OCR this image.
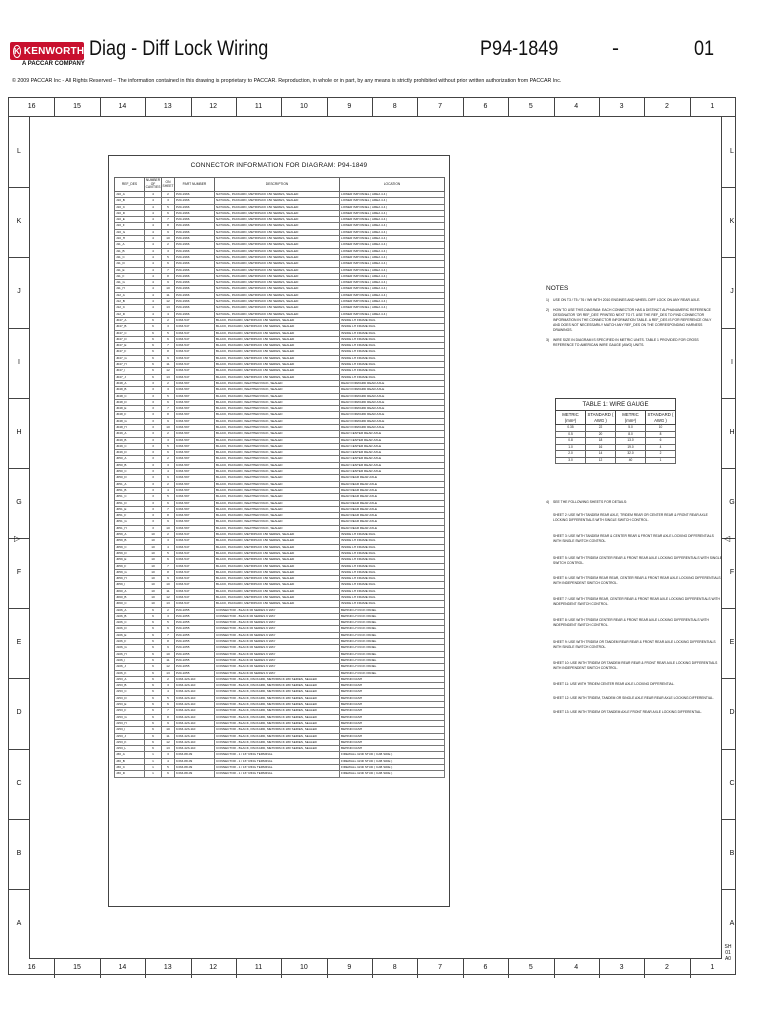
K KENWORTH
A PACCAR COMPANY
Diag - Diff Lock Wiring	P94-1849	-	01
© 2009 PACCAR Inc - All Rights Reserved – The information contained in this drawing is proprietary to PACCAR. Reproduction, in whole or in part, by any means is strictly prohibited without prior written authorization from PACCAR Inc.
16	15	14	13	12	11	10	9	8	7	6	5	4	3	2	1
16	15	14	13	12	11	10	9	8	7	6	5	4	3	2	1
L	L
K	K
J	J
I	I
H	H
G	G
F	F
E	E
D	D
C	C
B	B
A	A
▷	◁
SH 01 A0
CONNECTOR INFORMATION FOR DIAGRAM: P94-1849
REF_DES	NUMBER OF CAVITIES	ON SHEET	PART NUMBER	DESCRIPTION	LOCATION
J10_A	4	2	P20-1966	NATURAL, PACKARD, METRIPACK 150 SERIES, SEALED	LOWER IMP PANEL ( AREA 4.4 )
J10_B	4	3	P20-1966	NATURAL, PACKARD, METRIPACK 150 SERIES, SEALED	LOWER IMP PANEL ( AREA 4.4 )
J10_C	4	5	P20-1966	NATURAL, PACKARD, METRIPACK 150 SERIES, SEALED	LOWER IMP PANEL ( AREA 4.4 )
J10_D	4	6	P20-1966	NATURAL, PACKARD, METRIPACK 150 SERIES, SEALED	LOWER IMP PANEL ( AREA 4.4 )
J10_E	4	7	P20-1966	NATURAL, PACKARD, METRIPACK 150 SERIES, SEALED	LOWER IMP PANEL ( AREA 4.4 )
J10_F	4	8	P20-1966	NATURAL, PACKARD, METRIPACK 150 SERIES, SEALED	LOWER IMP PANEL ( AREA 4.4 )
J10_G	4	9	P20-1966	NATURAL, PACKARD, METRIPACK 150 SERIES, SEALED	LOWER IMP PANEL ( AREA 4.4 )
J10_H	4	10	P20-1966	NATURAL, PACKARD, METRIPACK 150 SERIES, SEALED	LOWER IMP PANEL ( AREA 4.4 )
J11_A	4	2	P20-1966	NATURAL, PACKARD, METRIPACK 150 SERIES, SEALED	LOWER IMP PANEL ( AREA 4.4 )
J11_B	4	3	P20-1966	NATURAL, PACKARD, METRIPACK 150 SERIES, SEALED	LOWER IMP PANEL ( AREA 4.4 )
J11_C	4	5	P20-1966	NATURAL, PACKARD, METRIPACK 150 SERIES, SEALED	LOWER IMP PANEL ( AREA 4.4 )
J11_D	4	6	P20-1966	NATURAL, PACKARD, METRIPACK 150 SERIES, SEALED	LOWER IMP PANEL ( AREA 4.4 )
J11_E	4	7	P20-1966	NATURAL, PACKARD, METRIPACK 150 SERIES, SEALED	LOWER IMP PANEL ( AREA 4.4 )
J11_F	4	8	P20-1966	NATURAL, PACKARD, METRIPACK 150 SERIES, SEALED	LOWER IMP PANEL ( AREA 4.4 )
J11_G	4	9	P20-1966	NATURAL, PACKARD, METRIPACK 150 SERIES, SEALED	LOWER IMP PANEL ( AREA 4.4 )
J11_H	4	10	P20-1966	NATURAL, PACKARD, METRIPACK 150 SERIES, SEALED	LOWER IMP PANEL ( AREA 4.4 )
J12_A	4	11	P20-1966	NATURAL, PACKARD, METRIPACK 150 SERIES, SEALED	LOWER IMP PANEL ( AREA 4.4 )
J12_B	4	12	P20-1966	NATURAL, PACKARD, METRIPACK 150 SERIES, SEALED	LOWER IMP PANEL ( AREA 4.4 )
J12_C	4	13	P20-1966	NATURAL, PACKARD, METRIPACK 150 SERIES, SEALED	LOWER IMP PANEL ( AREA 4.4 )
J12_D	4	4	P20-1966	NATURAL, PACKARD, METRIPACK 150 SERIES, SEALED	LOWER IMP PANEL ( AREA 4.4 )
J047_A	6	2	K333-547	BLACK, PACKARD, METRIPACK 150 SERIES, SEALED	INSIDE LH FRAME RAIL
J047_B	6	3	K333-547	BLACK, PACKARD, METRIPACK 150 SERIES, SEALED	INSIDE LH FRAME RAIL
J047_C	6	5	K333-547	BLACK, PACKARD, METRIPACK 150 SERIES, SEALED	INSIDE LH FRAME RAIL
J047_D	6	6	K333-547	BLACK, PACKARD, METRIPACK 150 SERIES, SEALED	INSIDE LH FRAME RAIL
J047_E	6	7	K333-547	BLACK, PACKARD, METRIPACK 150 SERIES, SEALED	INSIDE LH FRAME RAIL
J047_F	6	8	K333-547	BLACK, PACKARD, METRIPACK 150 SERIES, SEALED	INSIDE LH FRAME RAIL
J047_G	6	9	K333-547	BLACK, PACKARD, METRIPACK 150 SERIES, SEALED	INSIDE LH FRAME RAIL
J047_H	6	11	K333-547	BLACK, PACKARD, METRIPACK 150 SERIES, SEALED	INSIDE LH FRAME RAIL
J047_I	6	12	K333-547	BLACK, PACKARD, METRIPACK 150 SERIES, SEALED	INSIDE LH FRAME RAIL
J047_J	6	13	K333-547	BLACK, PACKARD, METRIPACK 150 SERIES, SEALED	INSIDE LH FRAME RAIL
J048_A	3	2	K333-597	BLACK, PACKARD, WEATHER PACK, SEALED	REAR FORWARD REAR AXLE
J048_B	3	3	K333-597	BLACK, PACKARD, WEATHER PACK, SEALED	REAR FORWARD REAR AXLE
J048_C	3	5	K333-597	BLACK, PACKARD, WEATHER PACK, SEALED	REAR FORWARD REAR AXLE
J048_D	3	6	K333-597	BLACK, PACKARD, WEATHER PACK, SEALED	REAR FORWARD REAR AXLE
J048_E	3	7	K333-597	BLACK, PACKARD, WEATHER PACK, SEALED	REAR FORWARD REAR AXLE
J048_F	3	8	K333-597	BLACK, PACKARD, WEATHER PACK, SEALED	REAR FORWARD REAR AXLE
J048_G	3	9	K333-597	BLACK, PACKARD, WEATHER PACK, SEALED	REAR FORWARD REAR AXLE
J048_H	3	10	K333-597	BLACK, PACKARD, WEATHER PACK, SEALED	REAR FORWARD REAR AXLE
J049_A	3	2	K333-597	BLACK, PACKARD, WEATHER PACK, SEALED	REAR CENTER REAR AXLE
J049_B	3	3	K333-597	BLACK, PACKARD, WEATHER PACK, SEALED	REAR CENTER REAR AXLE
J049_C	3	5	K333-597	BLACK, PACKARD, WEATHER PACK, SEALED	REAR CENTER REAR AXLE
J049_D	3	6	K333-597	BLACK, PACKARD, WEATHER PACK, SEALED	REAR CENTER REAR AXLE
J050_A	3	2	K333-597	BLACK, PACKARD, WEATHER PACK, SEALED	REAR CENTER REAR AXLE
J050_B	3	3	K333-597	BLACK, PACKARD, WEATHER PACK, SEALED	REAR CENTER REAR AXLE
J050_C	3	4	K333-597	BLACK, PACKARD, WEATHER PACK, SEALED	REAR CENTER REAR AXLE
J050_D	3	9	K333-597	BLACK, PACKARD, WEATHER PACK, SEALED	REAR REAR REAR AXLE
J051_A	3	2	K333-597	BLACK, PACKARD, WEATHER PACK, SEALED	REAR REAR REAR AXLE
J051_B	3	4	K333-597	BLACK, PACKARD, WEATHER PACK, SEALED	REAR REAR REAR AXLE
J051_C	3	5	K333-597	BLACK, PACKARD, WEATHER PACK, SEALED	REAR REAR REAR AXLE
J051_D	3	6	K333-597	BLACK, PACKARD, WEATHER PACK, SEALED	REAR REAR REAR AXLE
J051_E	3	7	K333-597	BLACK, PACKARD, WEATHER PACK, SEALED	REAR REAR REAR AXLE
J051_F	3	8	K333-597	BLACK, PACKARD, WEATHER PACK, SEALED	REAR REAR REAR AXLE
J051_G	3	9	K333-597	BLACK, PACKARD, WEATHER PACK, SEALED	REAR REAR REAR AXLE
J051_H	3	10	K333-597	BLACK, PACKARD, WEATHER PACK, SEALED	REAR REAR REAR AXLE
J059_A	10	2	K333-547	BLACK, PACKARD, METRIPACK 150 SERIES, SEALED	INSIDE LH FRAME RAIL
J059_B	10	3	K333-547	BLACK, PACKARD, METRIPACK 150 SERIES, SEALED	INSIDE LH FRAME RAIL
J059_C	10	4	K333-547	BLACK, PACKARD, METRIPACK 150 SERIES, SEALED	INSIDE LH FRAME RAIL
J059_D	10	5	K333-547	BLACK, PACKARD, METRIPACK 150 SERIES, SEALED	INSIDE LH FRAME RAIL
J059_E	10	6	K333-547	BLACK, PACKARD, METRIPACK 150 SERIES, SEALED	INSIDE LH FRAME RAIL
J059_F	10	7	K333-547	BLACK, PACKARD, METRIPACK 150 SERIES, SEALED	INSIDE LH FRAME RAIL
J059_G	10	8	K333-547	BLACK, PACKARD, METRIPACK 150 SERIES, SEALED	INSIDE LH FRAME RAIL
J059_H	10	9	K333-547	BLACK, PACKARD, METRIPACK 150 SERIES, SEALED	INSIDE LH FRAME RAIL
J059_I	10	10	K333-547	BLACK, PACKARD, METRIPACK 150 SERIES, SEALED	INSIDE LH FRAME RAIL
J060_A	10	11	K333-547	BLACK, PACKARD, METRIPACK 150 SERIES, SEALED	INSIDE LH FRAME RAIL
J060_B	10	12	K333-547	BLACK, PACKARD, METRIPACK 150 SERIES, SEALED	INSIDE LH FRAME RAIL
J060_C	10	13	K333-547	BLACK, PACKARD, METRIPACK 150 SERIES, SEALED	INSIDE LH FRAME RAIL
J106_A	6	2	P20-1055	CONNECTOR - BLACK 06 SERIES 6 WAY	BEHIND LH KICK PANEL
J106_B	6	3	P20-1055	CONNECTOR - BLACK 06 SERIES 6 WAY	BEHIND LH KICK PANEL
J106_C	6	5	P20-1055	CONNECTOR - BLACK 06 SERIES 6 WAY	BEHIND LH KICK PANEL
J106_D	6	6	P20-1055	CONNECTOR - BLACK 06 SERIES 6 WAY	BEHIND LH KICK PANEL
J106_E	6	7	P20-1055	CONNECTOR - BLACK 06 SERIES 6 WAY	BEHIND LH KICK PANEL
J106_F	6	8	P20-1055	CONNECTOR - BLACK 06 SERIES 6 WAY	BEHIND LH KICK PANEL
J106_G	6	9	P20-1055	CONNECTOR - BLACK 06 SERIES 6 WAY	BEHIND LH KICK PANEL
J106_H	6	10	P20-1055	CONNECTOR - BLACK 06 SERIES 6 WAY	BEHIND LH KICK PANEL
J106_I	6	11	P20-1055	CONNECTOR - BLACK 06 SERIES 6 WAY	BEHIND LH KICK PANEL
J106_J	6	12	P20-1055	CONNECTOR - BLACK 06 SERIES 6 WAY	BEHIND LH KICK PANEL
J106_K	6	13	P20-1055	CONNECTOR - BLACK 06 SERIES 6 WAY	BEHIND LH KICK PANEL
J153_A	6	2	K333-423-110	CONNECTOR - BLACK, PACKARD, METRIPACK 280 SERIES, SEALED	BEHIND DASH
J153_B	6	3	K333-423-110	CONNECTOR - BLACK, PACKARD, METRIPACK 280 SERIES, SEALED	BEHIND DASH
J153_C	6	4	K333-423-110	CONNECTOR - BLACK, PACKARD, METRIPACK 280 SERIES, SEALED	BEHIND DASH
J153_D	6	5	K333-423-110	CONNECTOR - BLACK, PACKARD, METRIPACK 280 SERIES, SEALED	BEHIND DASH
J153_E	6	6	K333-423-110	CONNECTOR - BLACK, PACKARD, METRIPACK 280 SERIES, SEALED	BEHIND DASH
J153_F	6	7	K333-423-110	CONNECTOR - BLACK, PACKARD, METRIPACK 280 SERIES, SEALED	BEHIND DASH
J153_G	6	8	K333-423-110	CONNECTOR - BLACK, PACKARD, METRIPACK 280 SERIES, SEALED	BEHIND DASH
J153_H	6	9	K333-423-110	CONNECTOR - BLACK, PACKARD, METRIPACK 280 SERIES, SEALED	BEHIND DASH
J153_I	6	10	K333-423-110	CONNECTOR - BLACK, PACKARD, METRIPACK 280 SERIES, SEALED	BEHIND DASH
J153_J	6	11	K333-423-110	CONNECTOR - BLACK, PACKARD, METRIPACK 280 SERIES, SEALED	BEHIND DASH
J153_K	6	12	K333-423-110	CONNECTOR - BLACK, PACKARD, METRIPACK 280 SERIES, SEALED	BEHIND DASH
J153_L	6	13	K333-423-110	CONNECTOR - BLACK, PACKARD, METRIPACK 280 SERIES, SEALED	BEHIND DASH
J30_A	1	3	K333-88-09	CONNECTOR - 1 / 16" RING TERMINAL	FIREWALL GND STUD ( CAB SIDE )
J30_B	1	4	K333-88-09	CONNECTOR - 1 / 16" RING TERMINAL	FIREWALL GND STUD ( CAB SIDE )
J30_C	1	5	K333-88-09	CONNECTOR - 1 / 16" RING TERMINAL	FIREWALL GND STUD ( CAB SIDE )
J30_D	1	6	K333-88-09	CONNECTOR - 1 / 16" RING TERMINAL	FIREWALL GND STUD ( CAB SIDE )
NOTES
1)	USE ON T3 / T5 / T6 / W9 WITH 2010 ENGINES AND WHEEL DIFF LOCK ON ANY REAR AXLE.
2)	HOW TO USE THIS DIAGRAM: EACH CONNECTOR HAS A DISTINCT ALPHANUMERIC REFERENCE DESIGNATOR 'OR REF_DES' PRINTED NEXT TO IT. USE THE REF_DES TO FIND CONNECTOR INFORMATION IN THE CONNECTOR INFORMATION TABLE. A REF_DES IS FOR REFERENCE ONLY AND DOES NOT NECESSARILY MATCH ANY REF_DES ON THE CORRESPONDING HARNESS DRAWINGS.
3)	WIRE SIZE IN DIAGRAM IS SPECIFIED IN METRIC UNITS. TABLE 1 PROVIDED FOR CROSS REFERENCE TO AMERICAN WIRE GAUGE (AWG) UNITS.
TABLE 1: WIRE GAUGE
METRIC (mm²)	STANDARD ( AWG )	METRIC (mm²)	STANDARD ( AWG )
0.35	22	5.0	10
0.5	20	8.0	8
0.8	18	13.0	6
1.0	16	19.0	4
2.0	14	32.0	2
3.0	12	40	1
4)	SEE THE FOLLOWING SHEETS FOR DETAILS:
SHEET 2: USE WITH TANDEM REAR AXLE, TRIDEM REAR OR CENTER REAR & FRONT REAR AXLE LOCKING DIFFERENTIALS WITH SINGLE SWITCH CONTROL.
SHEET 3: USE WITH TANDEM REAR & CENTER REAR & FRONT REAR AXLE LOCKING DIFFERENTIALS WITH SINGLE SWITCH CONTROL.
SHEET 5: USE WITH TRIDEM CENTER REAR & FRONT REAR AXLE LOCKING DIFFERENTIALS WITH SINGLE SWITCH CONTROL.
SHEET 6: USE WITH TRIDEM REAR REAR, CENTER REAR & FRONT REAR AXLE LOCKING DIFFERENTIALS WITH INDEPENDENT SWITCH CONTROL.
SHEET 7: USE WITH TRIDEM REAR, CENTER REAR & FRONT REAR AXLE LOCKING DIFFERENTIALS WITH INDEPENDENT SWITCH CONTROL.
SHEET 8: USE WITH TRIDEM CENTER REAR & FRONT REAR AXLE LOCKING DIFFERENTIALS WITH INDEPENDENT SWITCH CONTROL.
SHEET 9: USE WITH TRIDEM OR TANDEM REAR REAR & FRONT REAR AXLE LOCKING DIFFERENTIALS WITH SINGLE SWITCH CONTROL.
SHEET 10: USE WITH TRIDEM OR TANDEM REAR REAR & FRONT REAR AXLE LOCKING DIFFERENTIALS WITH INDEPENDENT SWITCH CONTROL.
SHEET 11: USE WITH TRIDEM CENTER REAR AXLE LOCKING DIFFERENTIAL.
SHEET 12: USE WITH TRIDEM, TANDEM OR SINGLE AXLE REAR REAR AXLE LOCKING DIFFERENTIAL.
SHEET 13: USE WITH TRIDEM OR TANDEM AXLE FRONT REAR AXLE LOCKING DIFFERENTIAL.
